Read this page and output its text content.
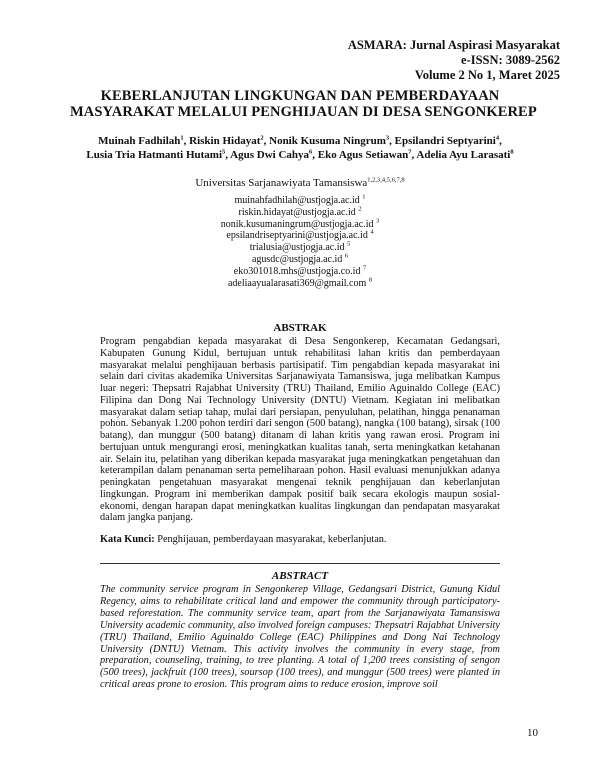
ASMARA: Jurnal Aspirasi Masyarakat
e-ISSN: 3089-2562
Volume 2 No 1, Maret 2025
KEBERLANJUTAN LINGKUNGAN DAN PEMBERDAYAAN
MASYARAKAT MELALUI PENGHIJAUAN DI DESA SENGONKEREP
Muinah Fadhilah$^1$, Riskin Hidayat$^2$, Nonik Kusuma Ningrum$^3$, Epsilandri Septyarini$^4$,
Lusia Tria Hatmanti Hutami$^5$, Agus Dwi Cahya$^6$, Eko Agus Setiawan$^7$, Adelia Ayu Larasati$^8$
Universitas Sarjanawiyata Tamansiswa$^{1,2,3,4,5,6,7,8}$
muinahfadhilah@ustjogja.ac.id $^1$
riskin.hidayat@ustjogja.ac.id $^2$
nonik.kusumaningrum@ustjogja.ac.id $^3$
epsilandriseptyarini@ustjogja.ac.id $^4$
trialusia@ustjogja.ac.id $^5$
agusdc@ustjogja.ac.id $^6$
eko301018.mhs@ustjogja.co.id $^7$
adeliaayualarasati369@gmail.com $^8$
ABSTRAK
Program pengabdian kepada masyarakat di Desa Sengonkerep, Kecamatan Gedangsari, Kabupaten Gunung Kidul, bertujuan untuk rehabilitasi lahan kritis dan pemberdayaan masyarakat melalui penghijauan berbasis partisipatif. Tim pengabdian kepada masyarakat ini selain dari civitas akademika Universitas Sarjanawiyata Tamansiswa, juga melibatkan Kampus luar negeri: Thepsatri Rajabhat University (TRU) Thailand, Emilio Aguinaldo College (EAC) Filipina dan Dong Nai Technology University (DNTU) Vietnam. Kegiatan ini melibatkan masyarakat dalam setiap tahap, mulai dari persiapan, penyuluhan, pelatihan, hingga penanaman pohon. Sebanyak 1.200 pohon terdiri dari sengon (500 batang), nangka (100 batang), sirsak (100 batang), dan munggur (500 batang) ditanam di lahan kritis yang rawan erosi. Program ini bertujuan untuk mengurangi erosi, meningkatkan kualitas tanah, serta meningkatkan ketahanan air. Selain itu, pelatihan yang diberikan kepada masyarakat juga meningkatkan pengetahuan dan keterampilan dalam penanaman serta pemeliharaan pohon. Hasil evaluasi menunjukkan adanya peningkatan pengetahuan masyarakat mengenai teknik penghijauan dan keberlanjutan lingkungan. Program ini memberikan dampak positif baik secara ekologis maupun sosial-ekonomi, dengan harapan dapat meningkatkan kualitas lingkungan dan pendapatan masyarakat dalam jangka panjang.
Kata Kunci: Penghijauan, pemberdayaan masyarakat, keberlanjutan.
ABSTRACT
The community service program in Sengonkerep Village, Gedangsari District, Gunung Kidul Regency, aims to rehabilitate critical land and empower the community through participatory-based reforestation. The community service team, apart from the Sarjanawiyata Tamansiswa University academic community, also involved foreign campuses: Thepsatri Rajabhat University (TRU) Thailand, Emilio Aguinaldo College (EAC) Philippines and Dong Nai Technology University (DNTU) Vietnam. This activity involves the community in every stage, from preparation, counseling, training, to tree planting. A total of 1,200 trees consisting of sengon (500 trees), jackfruit (100 trees), soursop (100 trees), and munggur (500 trees) were planted in critical areas prone to erosion. This program aims to reduce erosion, improve soil
10
